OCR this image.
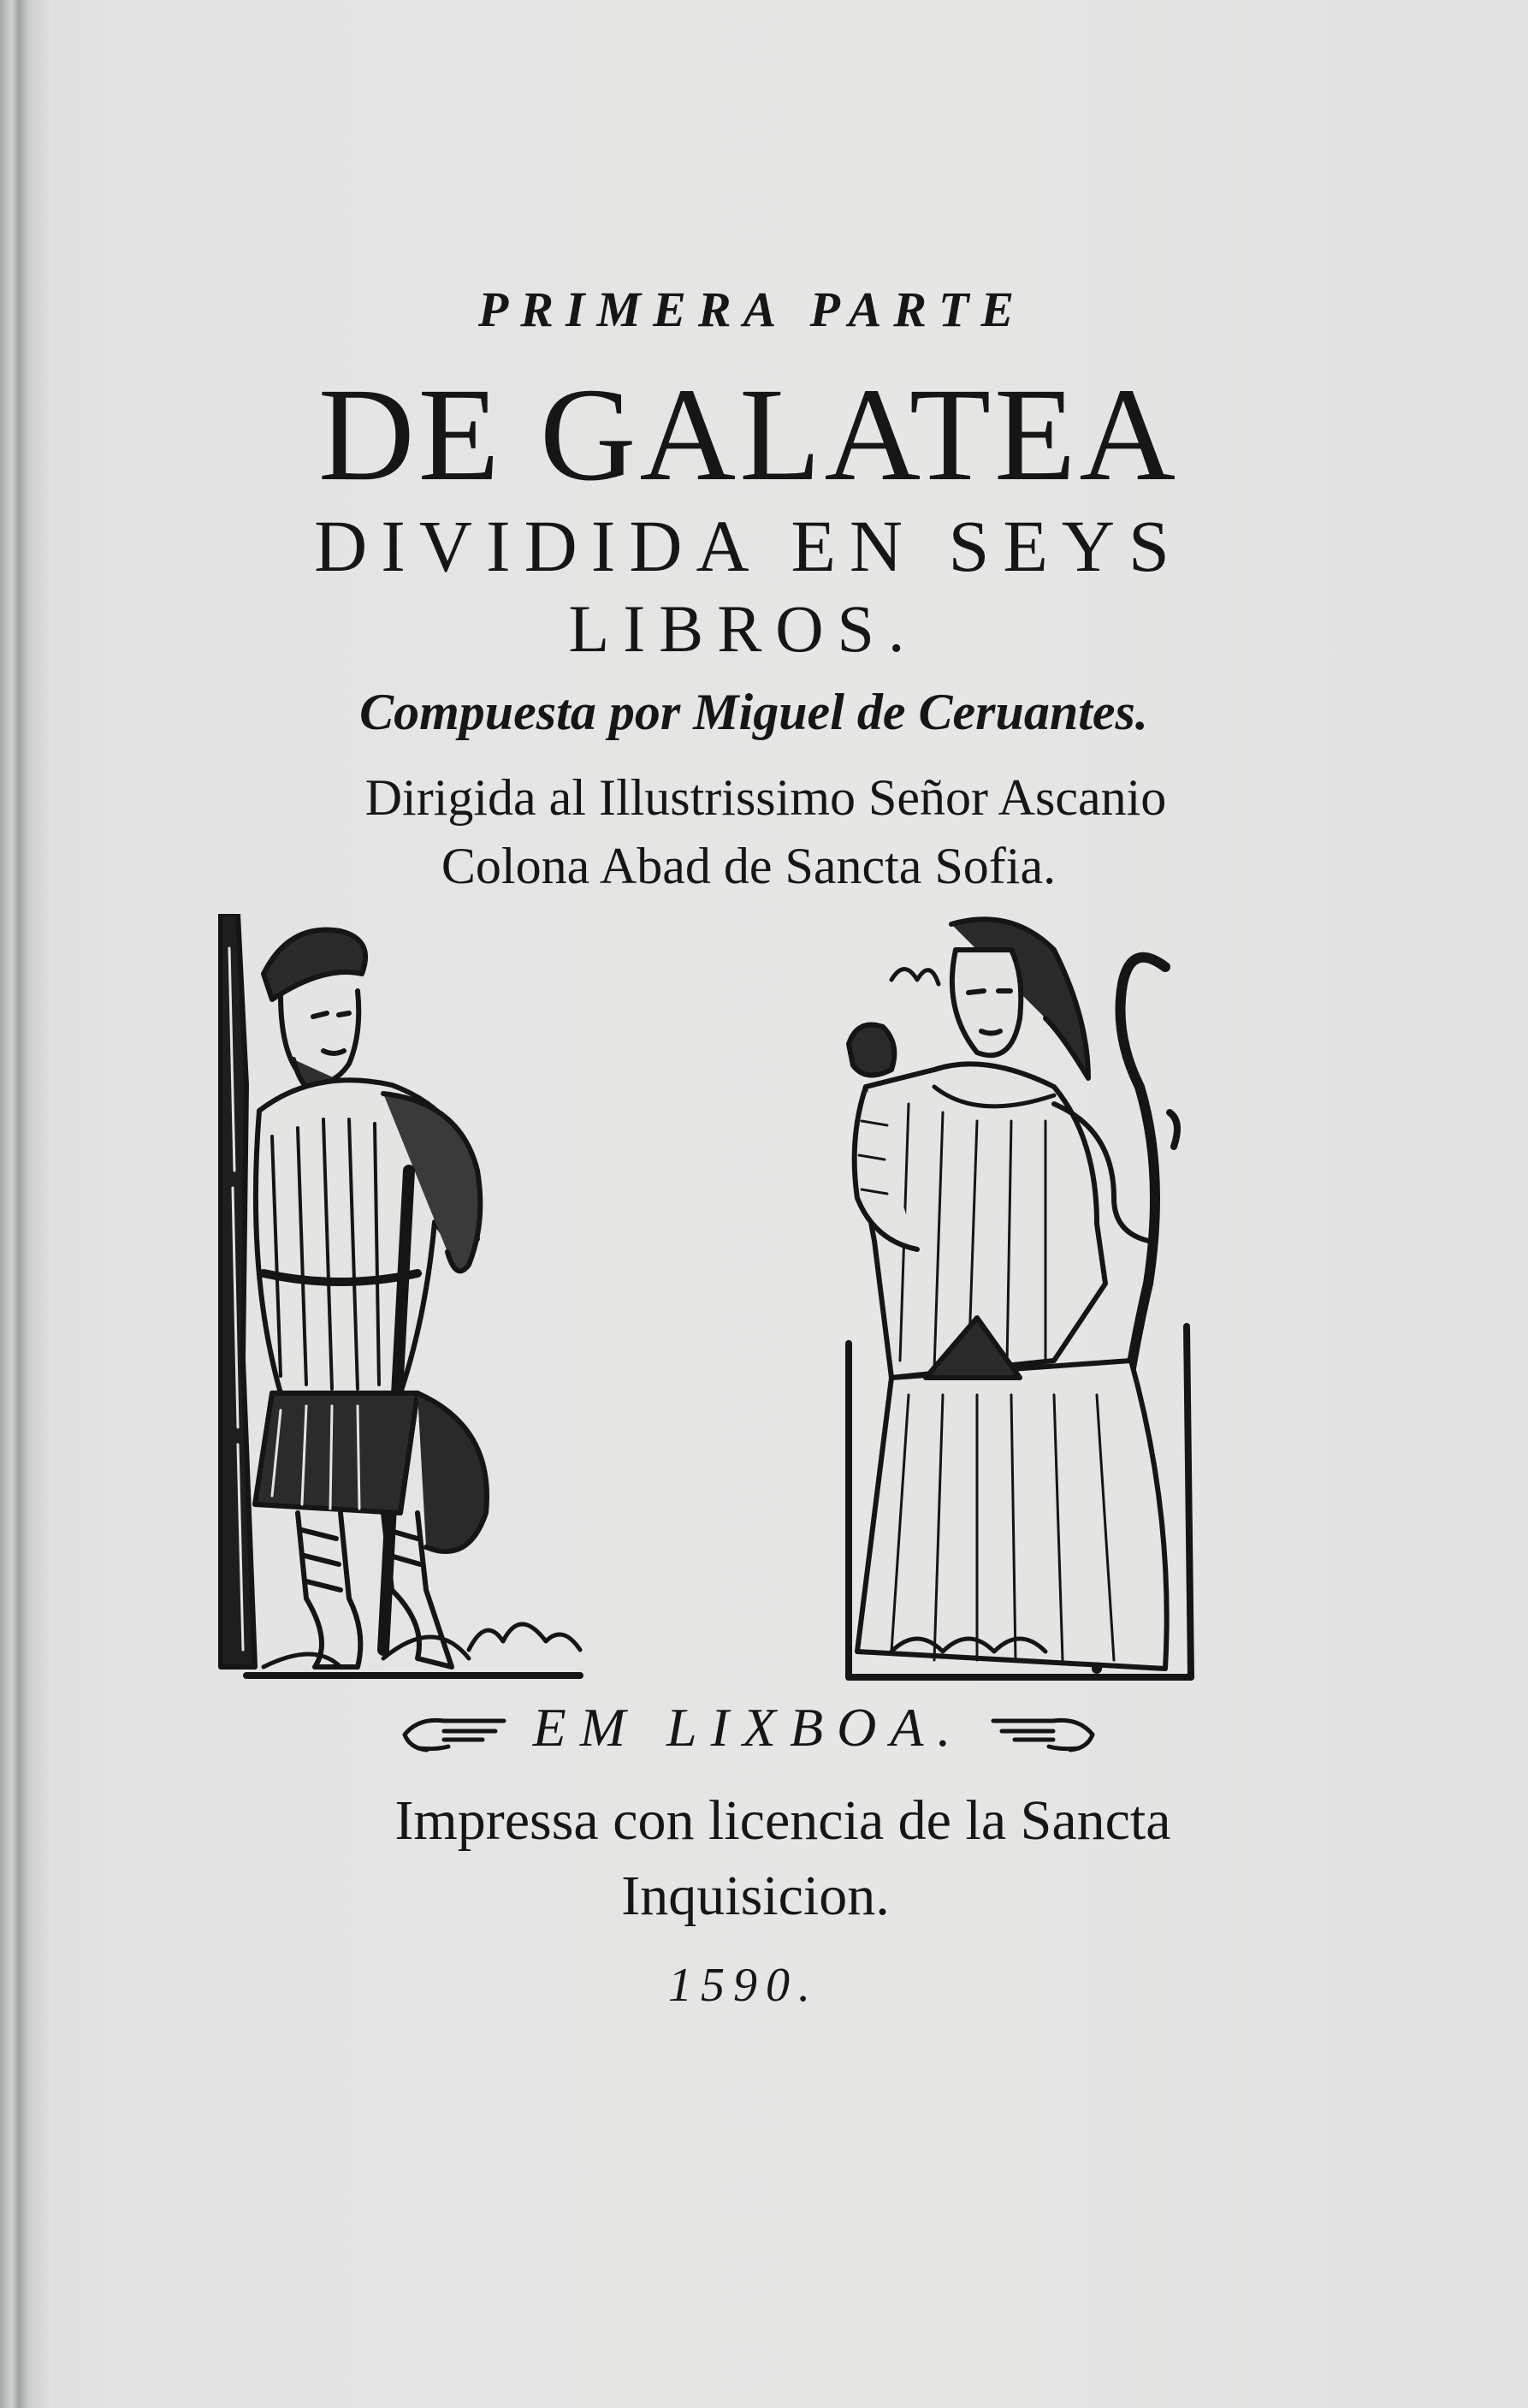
PRIMERA PARTE
DE GALATEA
DIVIDIDA EN SEYS
LIBROS.
Compuesta por Miguel de Ceruantes.
Dirigida al Illustrissimo Señor Ascanio
Colona Abad de Sancta Sofia.
EM LIXBOA.
Impressa con licencia de la Sancta
Inquisicion.
1590.
